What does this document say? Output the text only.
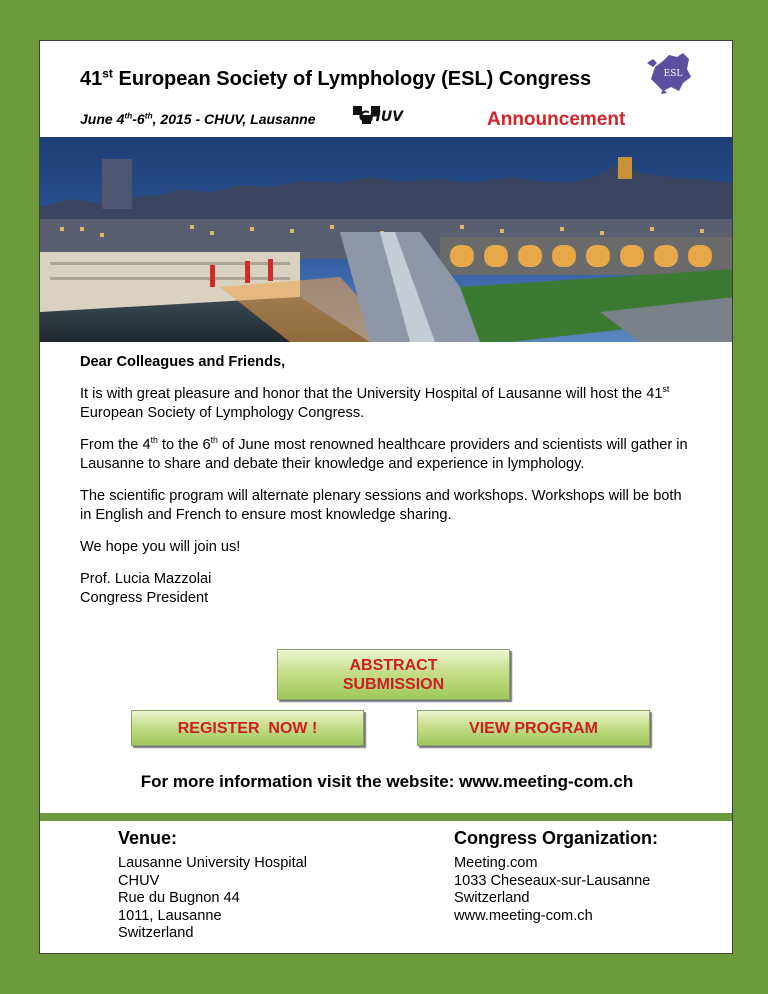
41st European Society of Lymphology (ESL) Congress
June 4th-6th, 2015 - CHUV, Lausanne	CHUV	Announcement
ESL

Dear Colleagues and Friends,

It is with great pleasure and honor that the University Hospital of Lausanne will host the 41st European Society of Lymphology Congress.

From the 4th to the 6th of June most renowned healthcare providers and scientists will gather in Lausanne to share and debate their knowledge and experience in lymphology.

The scientific program will alternate plenary sessions and workshops. Workshops will be both in English and French to ensure most knowledge sharing.

We hope you will join us!

Prof. Lucia Mazzolai
Congress President

ABSTRACT
SUBMISSION
REGISTER  NOW !	VIEW PROGRAM
For more information visit the website: www.meeting-com.ch
Venue:
Lausanne University Hospital
CHUV
Rue du Bugnon 44
1011, Lausanne
Switzerland
Congress Organization:
Meeting.com
1033 Cheseaux-sur-Lausanne
Switzerland
www.meeting-com.ch
